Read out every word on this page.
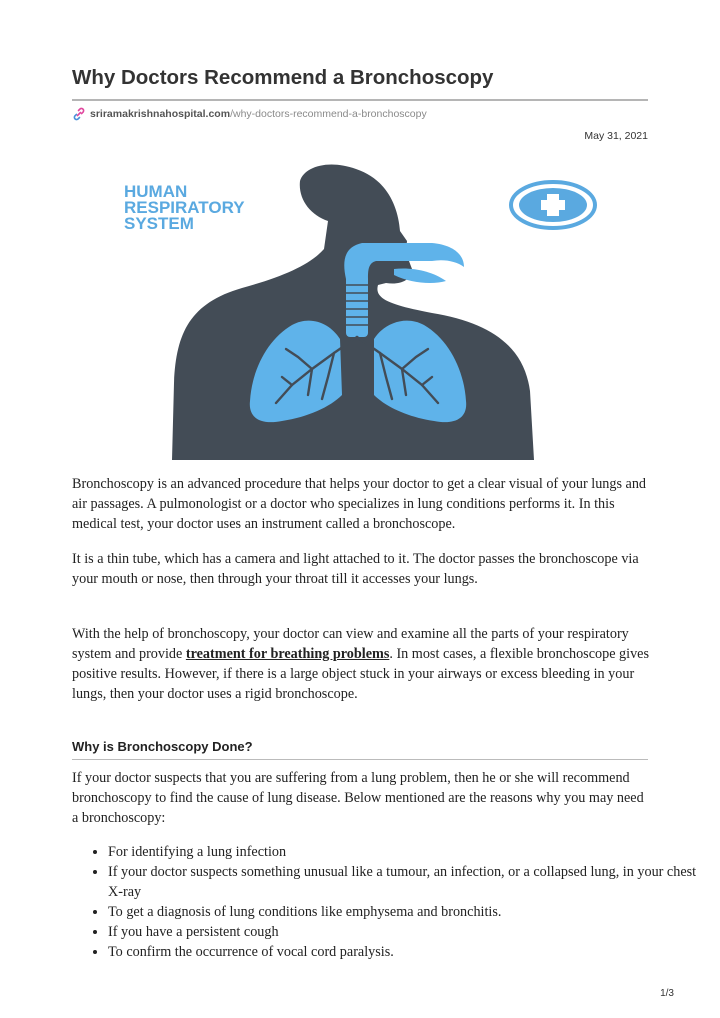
Why Doctors Recommend a Bronchoscopy
sriramakrishnahospital.com /why-doctors-recommend-a-bronchoscopy
May 31, 2021
HUMAN
RESPIRATORY
SYSTEM

Bronchoscopy is an advanced procedure that helps your doctor to get a clear visual of your lungs and air passages. A pulmonologist or a doctor who specializes in lung conditions performs it. In this medical test, your doctor uses an instrument called a bronchoscope.

It is a thin tube, which has a camera and light attached to it. The doctor passes the bronchoscope via your mouth or nose, then through your throat till it accesses your lungs.

With the help of bronchoscopy, your doctor can view and examine all the parts of your respiratory system and provide treatment for breathing problems. In most cases, a flexible bronchoscope gives positive results. However, if there is a large object stuck in your airways or excess bleeding in your lungs, then your doctor uses a rigid bronchoscope.

Why is Bronchoscopy Done?

If your doctor suspects that you are suffering from a lung problem, then he or she will recommend bronchoscopy to find the cause of lung disease. Below mentioned are the reasons why you may need a bronchoscopy:

• For identifying a lung infection
• If your doctor suspects something unusual like a tumour, an infection, or a collapsed lung, in your chest X-ray
• To get a diagnosis of lung conditions like emphysema and bronchitis.
• If you have a persistent cough
• To confirm the occurrence of vocal cord paralysis.
1/3
